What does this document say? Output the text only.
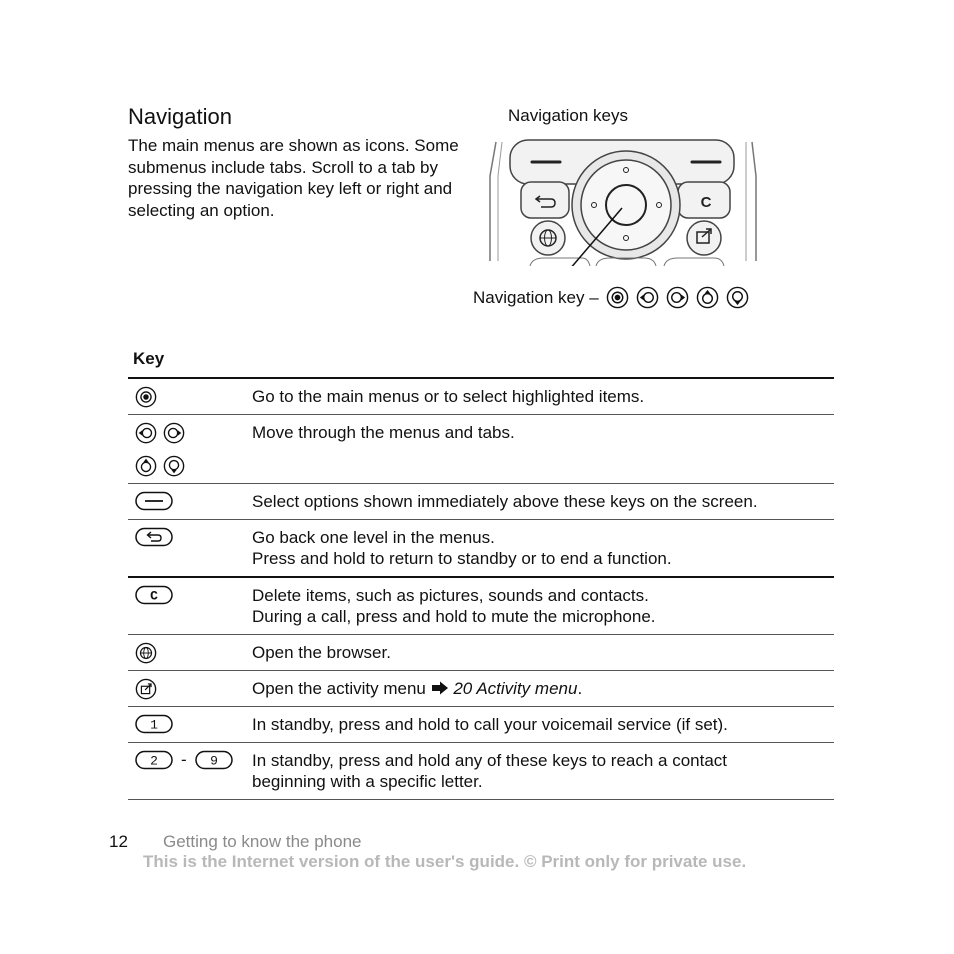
Navigation
The main menus are shown as icons. Some submenus include tabs. Scroll to a tab by pressing the navigation key left or right and selecting an option.
Navigation keys
C
Navigation key –
Key
Go to the main menus or to select highlighted items.
Move through the menus and tabs.
Select options shown immediately above these keys on the screen.
Go back one level in the menus.
Press and hold to return to standby or to end a function.
C	Delete items, such as pictures, sounds and contacts.
During a call, press and hold to mute the microphone.
Open the browser.
Open the activity menu 20 Activity menu.
1	In standby, press and hold to call your voicemail service (if set).
2 - 9 In standby, press and hold any of these keys to reach a contact
beginning with a specific letter.
12 Getting to know the phone
This is the Internet version of the user's guide. © Print only for private use.
